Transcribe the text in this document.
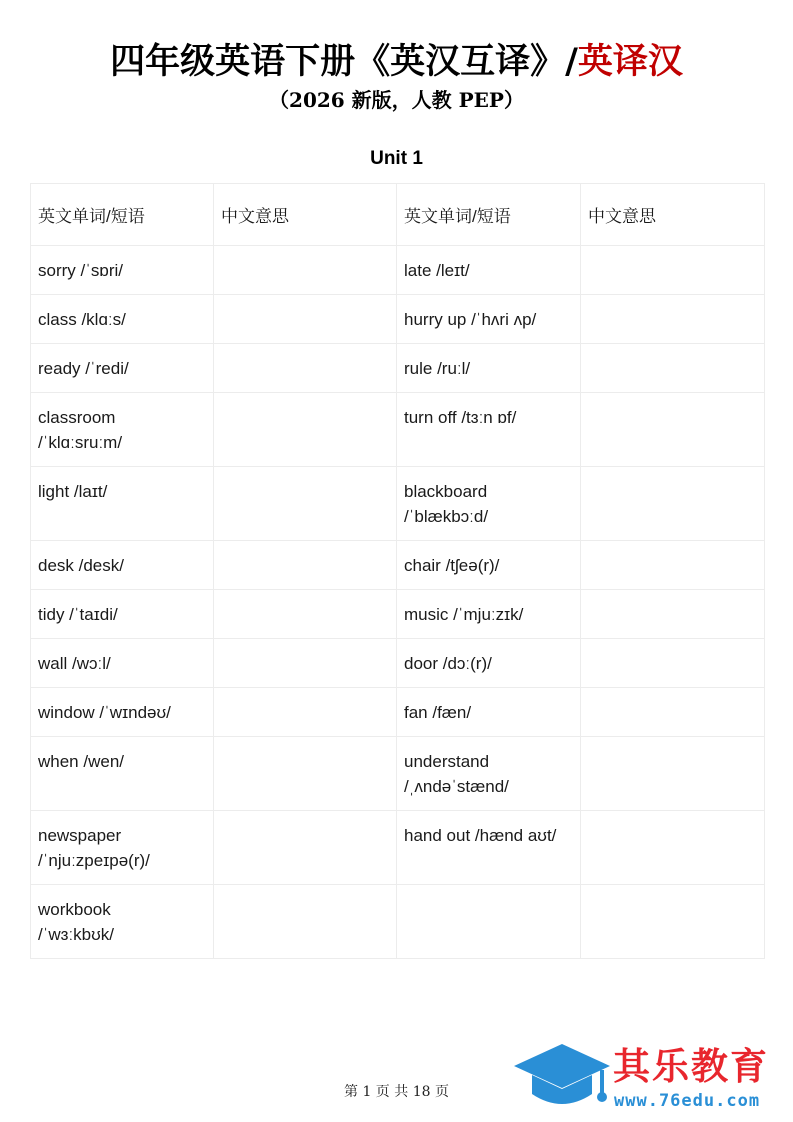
四年级英语下册《英汉互译》/英译汉
（2026 新版，人教 PEP）
Unit 1
英文单词/短语	中文意思	英文单词/短语	中文意思

sorry /ˈsɒri/		late /leɪt/	

class /klɑːs/		hurry up /ˈhʌri ʌp/	

ready /ˈredi/		rule /ruːl/	

classroom
/ˈklɑːsruːm/		turn off /tɜːn ɒf/	

light /laɪt/		blackboard
/ˈblækbɔːd/	

desk /desk/		chair /tʃeə(r)/	

tidy /ˈtaɪdi/		music /ˈmjuːzɪk/	

wall /wɔːl/		door /dɔː(r)/	

window /ˈwɪndəʊ/		fan /fæn/	

when /wen/		understand
/ˌʌndəˈstænd/	

newspaper
/ˈnjuːzpeɪpə(r)/		hand out /hænd aʊt/	

workbook
/ˈwɜːkbʊk/			

第 1 页 共 18 页
其乐教育
www.76edu.com
